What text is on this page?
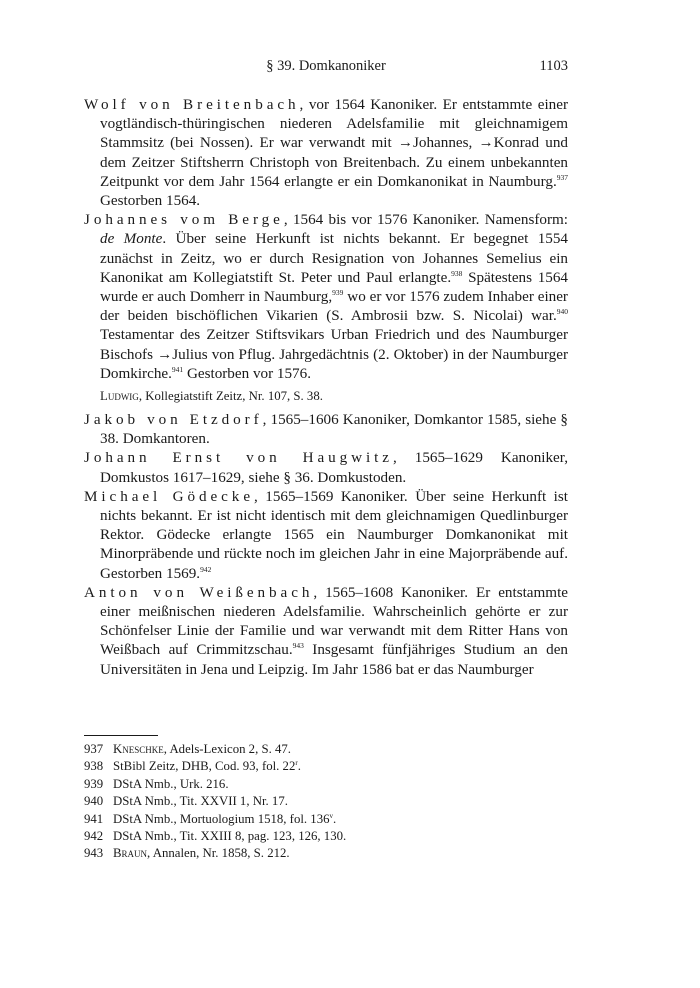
§ 39. Domkanoniker	1103
Wolf von Breitenbach, vor 1564 Kanoniker. Er entstammte einer vogtländisch-thüringischen niederen Adelsfamilie mit gleichnamigem Stammsitz (bei Nossen). Er war verwandt mit →Johannes, →Konrad und dem Zeitzer Stiftsherrn Christoph von Breitenbach. Zu einem unbekannten Zeitpunkt vor dem Jahr 1564 erlangte er ein Domkanonikat in Naumburg.$^{937}$ Gestorben 1564.
Johannes vom Berge, 1564 bis vor 1576 Kanoniker. Namensform: de Monte. Über seine Herkunft ist nichts bekannt. Er begegnet 1554 zunächst in Zeitz, wo er durch Resignation von Johannes Semelius ein Kanonikat am Kollegiatstift St. Peter und Paul erlangte.$^{938}$ Spätestens 1564 wurde er auch Domherr in Naumburg,$^{939}$ wo er vor 1576 zudem Inhaber einer der beiden bischöflichen Vikarien (S. Ambrosii bzw. S. Nicolai) war.$^{940}$ Testamentar des Zeitzer Stiftsvikars Urban Friedrich und des Naumburger Bischofs →Julius von Pflug. Jahrgedächtnis (2. Oktober) in der Naumburger Domkirche.$^{941}$ Gestorben vor 1576.
Ludwig, Kollegiatstift Zeitz, Nr. 107, S. 38.
Jakob von Etzdorf, 1565–1606 Kanoniker, Domkantor 1585, siehe § 38. Domkantoren.
Johann Ernst von Haugwitz, 1565–1629 Kanoniker, Domkustos 1617–1629, siehe § 36. Domkustoden.
Michael Gödecke, 1565–1569 Kanoniker. Über seine Herkunft ist nichts bekannt. Er ist nicht identisch mit dem gleichnamigen Quedlinburger Rektor. Gödecke erlangte 1565 ein Naumburger Domkanonikat mit Minorpräbende und rückte noch im gleichen Jahr in eine Majorpräbende auf. Gestorben 1569.$^{942}$
Anton von Weißenbach, 1565–1608 Kanoniker. Er entstammte einer meißnischen niederen Adelsfamilie. Wahrscheinlich gehörte er zur Schönfelser Linie der Familie und war verwandt mit dem Ritter Hans von Weißbach auf Crimmitzschau.$^{943}$ Insgesamt fünfjähriges Studium an den Universitäten in Jena und Leipzig. Im Jahr 1586 bat er das Naumburger
937 Kneschke, Adels-Lexicon 2, S. 47.
938 StBibl Zeitz, DHB, Cod. 93, fol. 22$^r$.
939 DStA Nmb., Urk. 216.
940 DStA Nmb., Tit. XXVII 1, Nr. 17.
941 DStA Nmb., Mortuologium 1518, fol. 136$^v$.
942 DStA Nmb., Tit. XXIII 8, pag. 123, 126, 130.
943 Braun, Annalen, Nr. 1858, S. 212.
